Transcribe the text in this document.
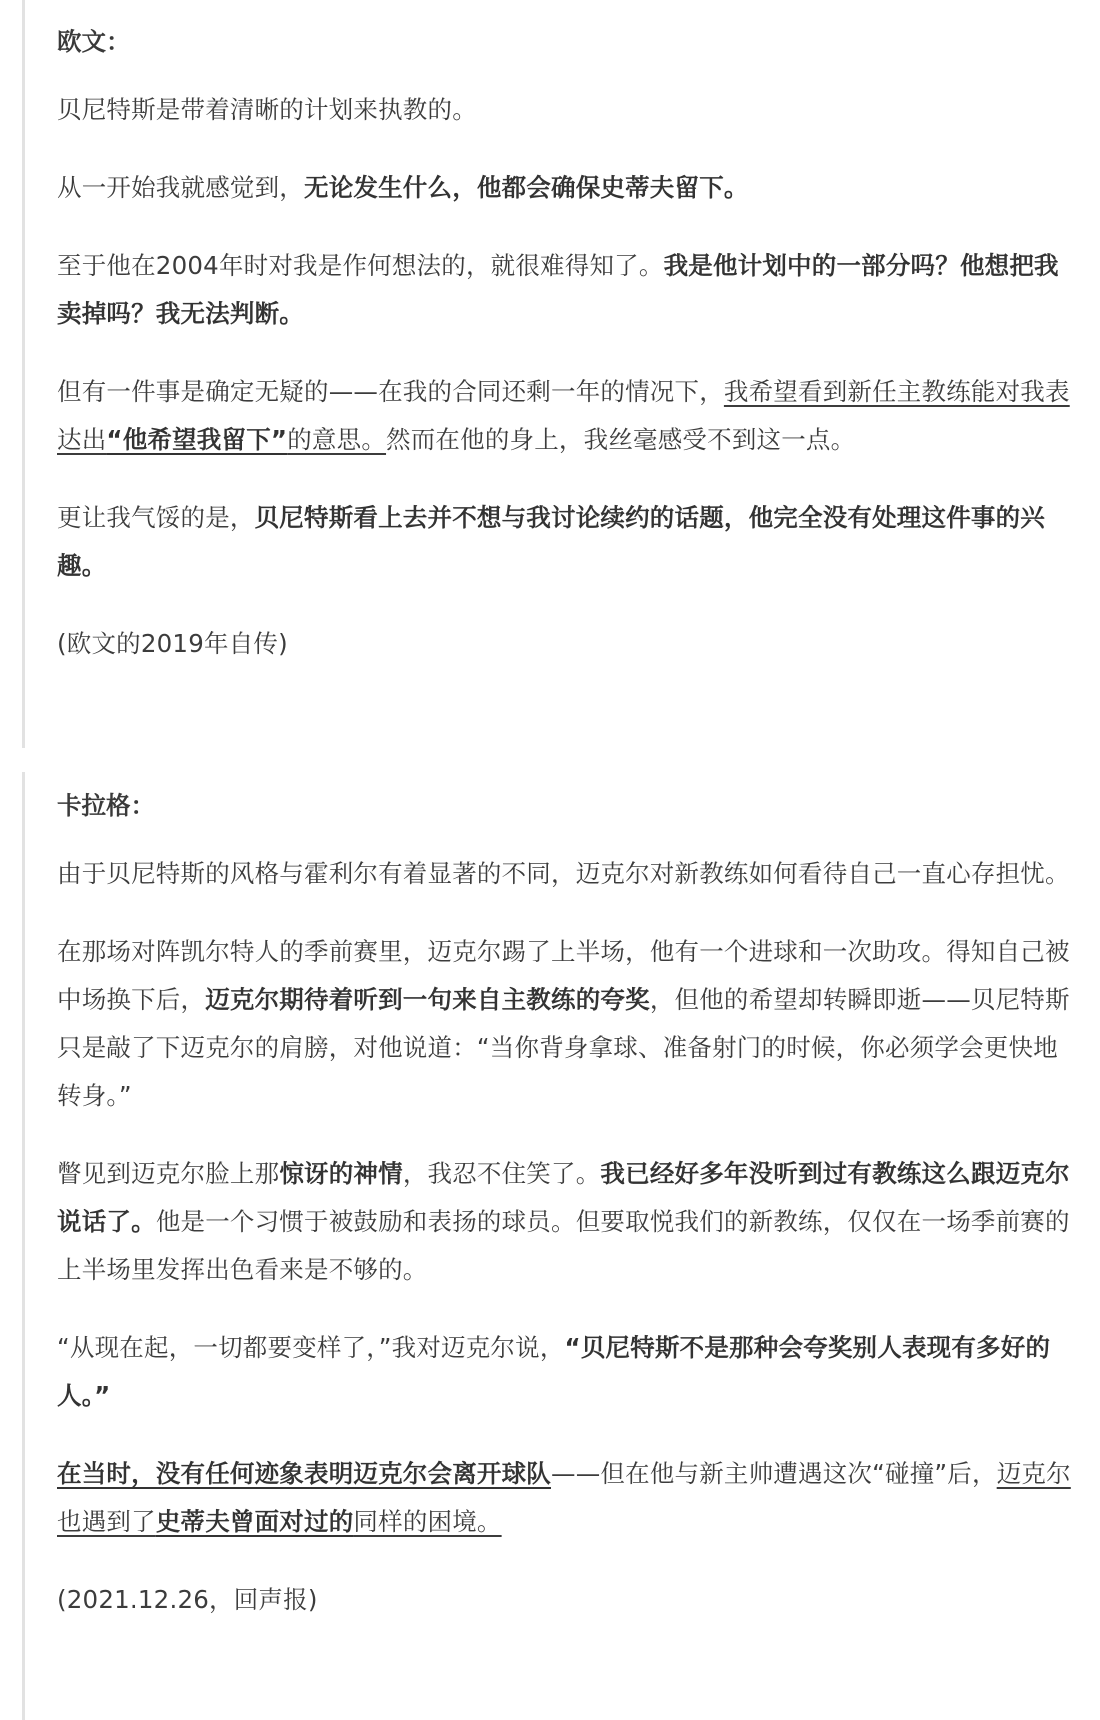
欧文：

贝尼特斯是带着清晰的计划来执教的。

从一开始我就感觉到，无论发生什么，他都会确保史蒂夫留下。

至于他在2004年时对我是作何想法的，就很难得知了。我是他计划中的一部分吗？他想把我卖掉吗？我无法判断。

但有一件事是确定无疑的——在我的合同还剩一年的情况下，我希望看到新任主教练能对我表达出“他希望我留下”的意思。然而在他的身上，我丝毫感受不到这一点。

更让我气馁的是，贝尼特斯看上去并不想与我讨论续约的话题，他完全没有处理这件事的兴趣。

(欧文的2019年自传)

卡拉格：

由于贝尼特斯的风格与霍利尔有着显著的不同，迈克尔对新教练如何看待自己一直心存担忧。

在那场对阵凯尔特人的季前赛里，迈克尔踢了上半场，他有一个进球和一次助攻。得知自己被中场换下后，迈克尔期待着听到一句来自主教练的夸奖，但他的希望却转瞬即逝——贝尼特斯只是敲了下迈克尔的肩膀，对他说道：“当你背身拿球、准备射门的时候，你必须学会更快地转身。”

瞥见到迈克尔脸上那惊讶的神情，我忍不住笑了。我已经好多年没听到过有教练这么跟迈克尔说话了。他是一个习惯于被鼓励和表扬的球员。但要取悦我们的新教练，仅仅在一场季前赛的上半场里发挥出色看来是不够的。

“从现在起，一切都要变样了，”我对迈克尔说，“贝尼特斯不是那种会夸奖别人表现有多好的人。”

在当时，没有任何迹象表明迈克尔会离开球队——但在他与新主帅遭遇这次“碰撞”后，迈克尔也遇到了史蒂夫曾面对过的同样的困境。

(2021.12.26，回声报)
